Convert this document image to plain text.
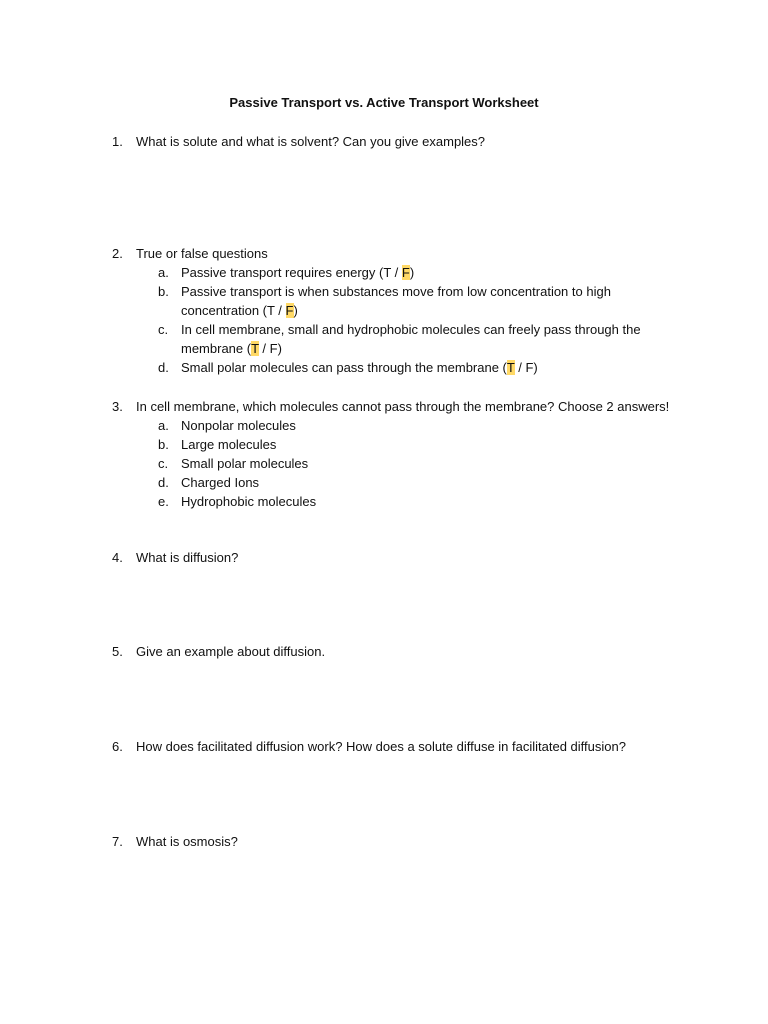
Passive Transport vs. Active Transport Worksheet
1. What is solute and what is solvent? Can you give examples?
2. True or false questions
a. Passive transport requires energy (T / F)
b. Passive transport is when substances move from low concentration to high concentration (T / F)
c. In cell membrane, small and hydrophobic molecules can freely pass through the membrane (T / F)
d. Small polar molecules can pass through the membrane (T / F)
3. In cell membrane, which molecules cannot pass through the membrane? Choose 2 answers!
a. Nonpolar molecules
b. Large molecules
c. Small polar molecules
d. Charged Ions
e. Hydrophobic molecules
4. What is diffusion?
5. Give an example about diffusion.
6. How does facilitated diffusion work? How does a solute diffuse in facilitated diffusion?
7. What is osmosis?
